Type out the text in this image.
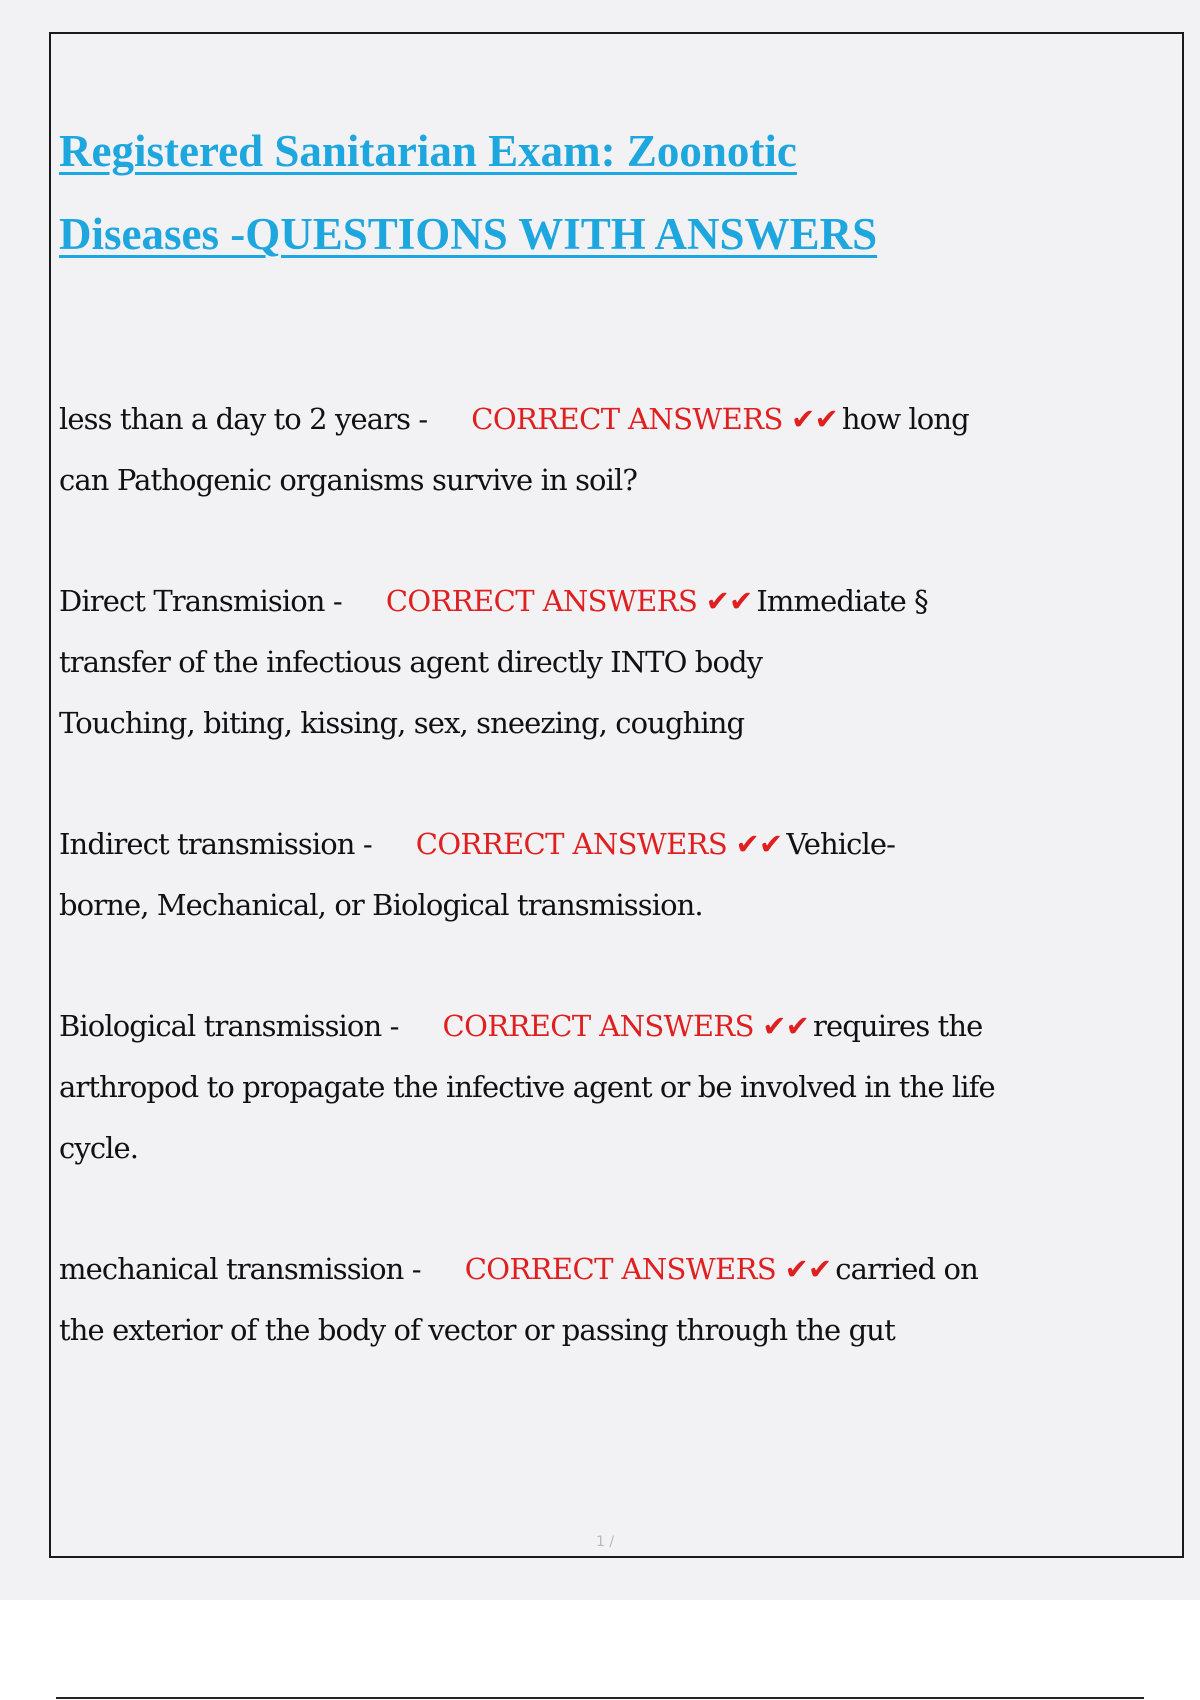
Registered Sanitarian Exam: Zoonotic
Diseases -QUESTIONS WITH ANSWERS
less than a day to 2 years - CORRECT ANSWERS ✔✔ how long
can Pathogenic organisms survive in soil?
Direct Transmision - CORRECT ANSWERS ✔✔ Immediate §
transfer of the infectious agent directly INTO body
Touching, biting, kissing, sex, sneezing, coughing
Indirect transmission - CORRECT ANSWERS ✔✔ Vehicle-
borne, Mechanical, or Biological transmission.
Biological transmission - CORRECT ANSWERS ✔✔ requires the
arthropod to propagate the infective agent or be involved in the life
cycle.
mechanical transmission - CORRECT ANSWERS ✔✔ carried on
the exterior of the body of vector or passing through the gut
1 /
